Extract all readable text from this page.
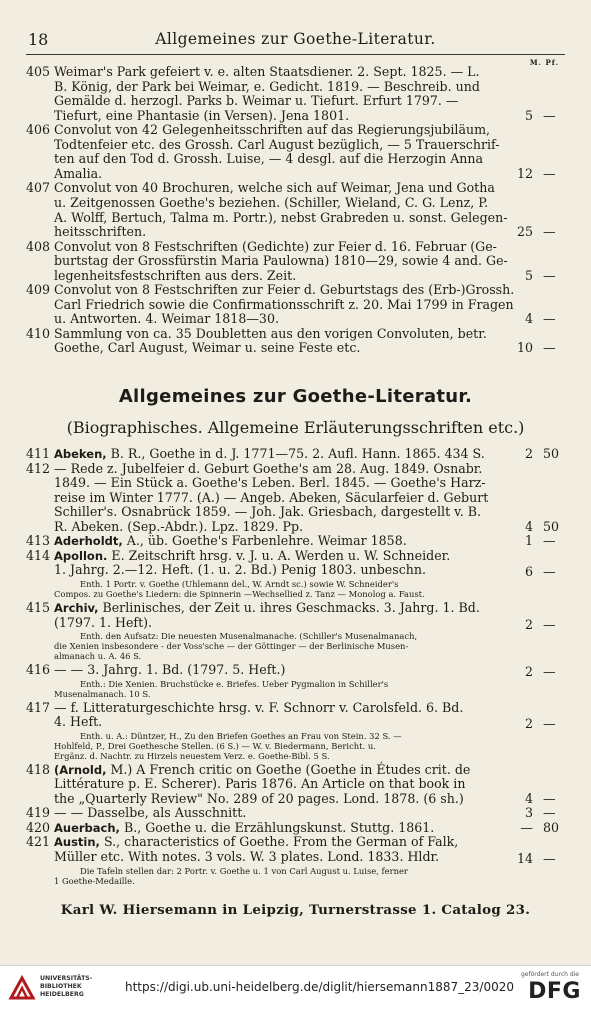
18	Allgemeines zur Goethe-Literatur.
M. Pf.
405 Weimar's Park gefeiert v. e. alten Staatsdiener. 2. Sept. 1825. — L.
B. König, der Park bei Weimar, e. Gedicht. 1819. — Beschreib. und
Gemälde d. herzogl. Parks b. Weimar u. Tiefurt. Erfurt 1797. —
Tiefurt, eine Phantasie (in Versen). Jena 1801.	5 —
406 Convolut von 42 Gelegenheitsschriften auf das Regierungsjubiläum,
Todtenfeier etc. des Grossh. Carl August bezüglich, — 5 Trauerschrif-
ten auf den Tod d. Grossh. Luise, — 4 desgl. auf die Herzogin Anna
Amalia.	12 —
407 Convolut von 40 Brochuren, welche sich auf Weimar, Jena und Gotha
u. Zeitgenossen Goethe's beziehen. (Schiller, Wieland, C. G. Lenz, P.
A. Wolff, Bertuch, Talma m. Portr.), nebst Grabreden u. sonst. Gelegen-
heitsschriften.	25 —
408 Convolut von 8 Festschriften (Gedichte) zur Feier d. 16. Februar (Ge-
burtstag der Grossfürstin Maria Paulowna) 1810—29, sowie 4 and. Ge-
legenheitsfestschriften aus ders. Zeit.	5 —
409 Convolut von 8 Festschriften zur Feier d. Geburtstags des (Erb-)Grossh.
Carl Friedrich sowie die Confirmationsschrift z. 20. Mai 1799 in Fragen
u. Antworten. 4. Weimar 1818—30.	4 —
410 Sammlung von ca. 35 Doubletten aus den vorigen Convoluten, betr.
Goethe, Carl August, Weimar u. seine Feste etc.	10 —
Allgemeines zur Goethe-Literatur.
(Biographisches. Allgemeine Erläuterungsschriften etc.)
411 Abeken, B. R., Goethe in d. J. 1771—75. 2. Aufl. Hann. 1865. 434 S.	2 50
412 — Rede z. Jubelfeier d. Geburt Goethe's am 28. Aug. 1849. Osnabr.
1849. — Ein Stück a. Goethe's Leben. Berl. 1845. — Goethe's Harz-
reise im Winter 1777. (A.) — Angeb. Abeken, Säcularfeier d. Geburt
Schiller's. Osnabrück 1859. — Joh. Jak. Griesbach, dargestellt v. B.
R. Abeken. (Sep.-Abdr.). Lpz. 1829. Pp.	4 50
413 Aderholdt, A., üb. Goethe's Farbenlehre. Weimar 1858.	1 —
414 Apollon. E. Zeitschrift hrsg. v. J. u. A. Werden u. W. Schneider.
1. Jahrg. 2.—12. Heft. (1. u. 2. Bd.) Penig 1803. unbeschn.	6 —
Enth. 1 Portr. v. Goethe (Uhlemann del., W. Arndt sc.) sowie W. Schneider's
Compos. zu Goethe's Liedern: die Spinnerin —Wechsellied z. Tanz — Monolog a. Faust.
415 Archiv, Berlinisches, der Zeit u. ihres Geschmacks. 3. Jahrg. 1. Bd.
(1797. 1. Heft).	2 —
Enth. den Aufsatz: Die neuesten Musenalmanache. (Schiller's Musenalmanach,
die Xenien insbesondere - der Voss'sche — der Göttinger — der Berlinische Musen-
almanach u. A. 46 S.
416 — — 3. Jahrg. 1. Bd. (1797. 5. Heft.)	2 —
Enth.: Die Xenien. Bruchstücke e. Briefes. Ueber Pygmalion in Schiller's
Musenalmanach. 10 S.
417 — f. Litteraturgeschichte hrsg. v. F. Schnorr v. Carolsfeld. 6. Bd.
4. Heft.	2 —
Enth. u. A.: Düntzer, H., Zu den Briefen Goethes an Frau von Stein. 32 S. —
Hohlfeld, P., Drei Goethesche Stellen. (6 S.) — W. v. Biedermann, Bericht. u.
Ergänz. d. Nachtr. zu Hirzels neuestem Verz. e. Goethe-Bibl. 5 S.
418 (Arnold, M.) A French critic on Goethe (Goethe in Études crit. de
Littérature p. E. Scherer). Paris 1876. An Article on that book in
the „Quarterly Review" No. 289 of 20 pages. Lond. 1878. (6 sh.)	4 —
419 — — Dasselbe, als Ausschnitt.	3 —
420 Auerbach, B., Goethe u. die Erzählungskunst. Stuttg. 1861.	— 80
421 Austin, S., characteristics of Goethe. From the German of Falk,
Müller etc. With notes. 3 vols. W. 3 plates. Lond. 1833. Hldr.	14 —
Die Tafeln stellen dar: 2 Portr. v. Goethe u. 1 von Carl August u. Luise, ferner
1 Goethe-Medaille.
Karl W. Hiersemann in Leipzig, Turnerstrasse 1. Catalog 23.
UNIVERSITÄTS-
BIBLIOTHEK
HEIDELBERG
https://digi.ub.uni-heidelberg.de/diglit/hiersemann1887_23/0020
gefördert durch die
DFG
